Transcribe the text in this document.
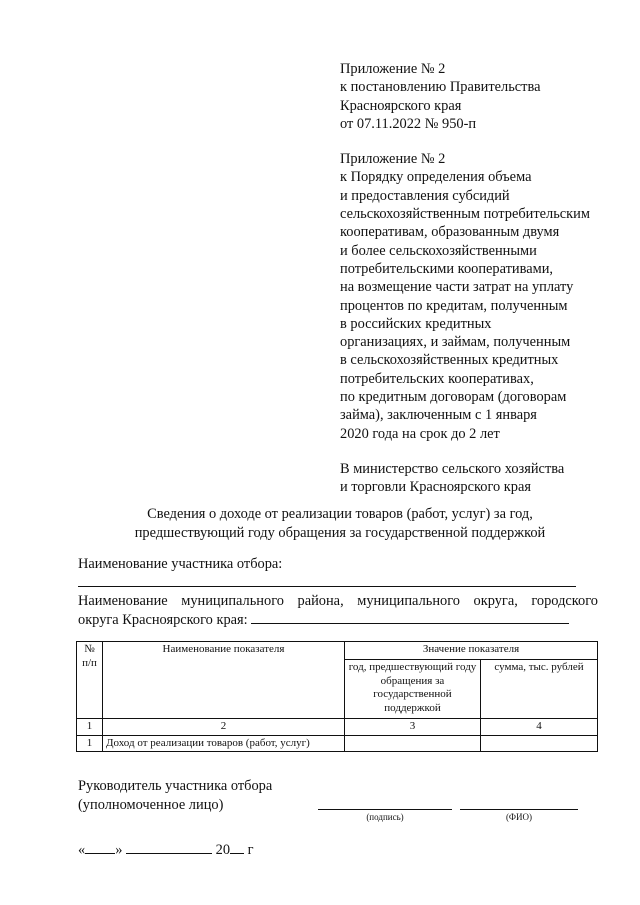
Приложение № 2
к постановлению Правительства
Красноярского края
от 07.11.2022 № 950-п
Приложение № 2
к Порядку определения объема
и предоставления субсидий
сельскохозяйственным потребительским
кооперативам, образованным двумя
и более сельскохозяйственными
потребительскими кооперативами,
на возмещение части затрат на уплату
процентов по кредитам, полученным
в российских кредитных
организациях, и займам, полученным
в сельскохозяйственных кредитных
потребительских кооперативах,
по кредитным договорам (договорам
займа), заключенным с 1 января
2020 года на срок до 2 лет
В министерство сельского хозяйства
и торговли Красноярского края
Сведения о доходе от реализации товаров (работ, услуг) за год,
предшествующий году обращения за государственной поддержкой
Наименование участника отбора:
Наименование муниципального района, муниципального округа, городского
округа Красноярского края:
№ п/п	Наименование показателя	Значение показателя	
		год, предшествующий году обращения за государственной поддержкой	сумма, тыс. рублей
1	2	3	4
1	Доход от реализации товаров (работ, услуг)		
Руководитель участника отбора
(уполномоченное лицо)
(подпись)	(ФИО)
« »	20 г
